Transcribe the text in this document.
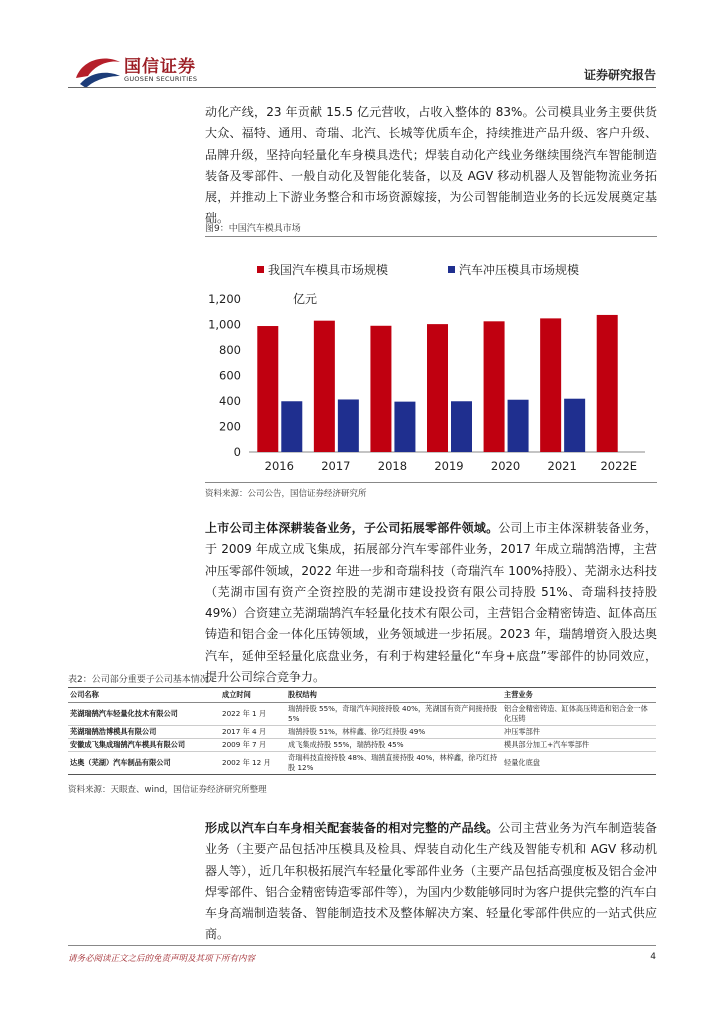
国信证券
GUOSEN SECURITIES	证券研究报告

动化产线，23 年贡献 15.5 亿元营收，占收入整体的 83%。公司模具业务主要供货大众、福特、通用、奇瑞、北汽、长城等优质车企，持续推进产品升级、客户升级、品牌升级，坚持向轻量化车身模具迭代；焊装自动化产线业务继续围绕汽车智能制造装备及零部件、一般自动化及智能化装备，以及 AGV 移动机器人及智能物流业务拓展，并推动上下游业务整合和市场资源嫁接，为公司智能制造业务的长远发展奠定基础。

图9：中国汽车模具市场
0
200
400
600
800
1,000
1,200	亿元
我国汽车模具市场规模	汽车冲压模具市场规模
2016 2017 2018 2019 2020 2021 2022E
资料来源：公司公告，国信证券经济研究所

上市公司主体深耕装备业务，子公司拓展零部件领域。公司上市主体深耕装备业务，于 2009 年成立成飞集成，拓展部分汽车零部件业务，2017 年成立瑞鹄浩博，主营冲压零部件领域，2022 年进一步和奇瑞科技（奇瑞汽车 100%持股）、芜湖永达科技（芜湖市国有资产全资控股的芜湖市建设投资有限公司持股 51%、奇瑞科技持股 49%）合资建立芜湖瑞鹄汽车轻量化技术有限公司，主营铝合金精密铸造、缸体高压铸造和铝合金一体化压铸领域，业务领域进一步拓展。2023 年，瑞鹄增资入股达奥汽车，延伸至轻量化底盘业务，有利于构建轻量化“车身+底盘”零部件的协同效应，提升公司综合竞争力。

表2：公司部分重要子公司基本情况
公司名称	成立时间	股权结构	主营业务
芜湖瑞鹄汽车轻量化技术有限公司	2022 年 1 月	瑞鹄持股 55%，奇瑞汽车间接持股 40%，芜湖国有资产间接持股 5%	铝合金精密铸造、缸体高压铸造和铝合金一体化压铸
芜湖瑞鹄浩博模具有限公司	2017 年 4 月	瑞鹄持股 51%，林梓鑫、徐巧红持股 49%	冲压零部件
安徽成飞集成瑞鹄汽车模具有限公司	2009 年 7 月	成飞集成持股 55%，瑞鹄持股 45%	模具部分加工+汽车零部件
达奥（芜湖）汽车制品有限公司	2002 年 12 月	奇瑞科技直接持股 48%、瑞鹄直接持股 40%，林梓鑫，徐巧红持股 12%	轻量化底盘
资料来源：天眼查、wind，国信证券经济研究所整理

形成以汽车白车身相关配套装备的相对完整的产品线。公司主营业务为汽车制造装备业务（主要产品包括冲压模具及检具、焊装自动化生产线及智能专机和 AGV 移动机器人等），近几年积极拓展汽车轻量化零部件业务（主要产品包括高强度板及铝合金冲焊零部件、铝合金精密铸造零部件等），为国内少数能够同时为客户提供完整的汽车白车身高端制造装备、智能制造技术及整体解决方案、轻量化零部件供应的一站式供应商。

请务必阅读正文之后的免责声明及其项下所有内容	4
